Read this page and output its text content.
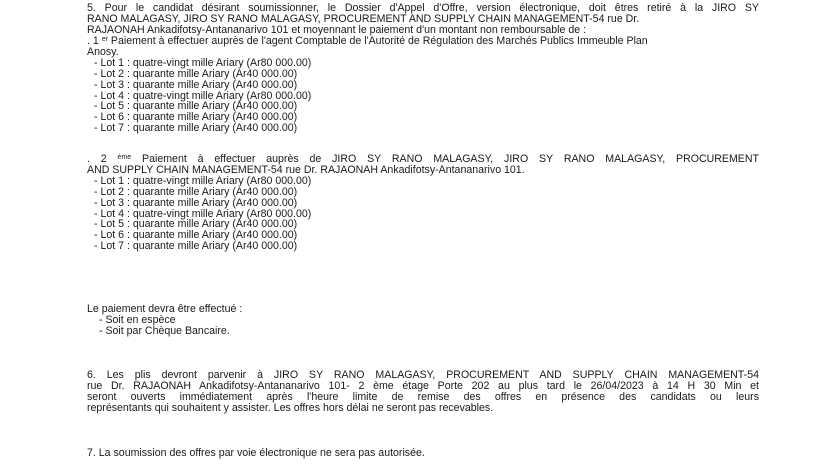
5. Pour le candidat désirant soumissionner, le Dossier d'Appel d'Offre, version électronique, doit êtres retiré à la JIRO SY
RANO MALAGASY, JIRO SY RANO MALAGASY, PROCUREMENT AND SUPPLY CHAIN MANAGEMENT-54 rue Dr.
RAJAONAH Ankadifotsy-Antananarivo 101 et moyennant le paiement d'un montant non remboursable de :
. 1 $^{er}$ Paiement à effectuer auprès de l'agent Comptable de l'Autorité de Régulation des Marchés Publics Immeuble Plan
Anosy.
- Lot 1 : quatre-vingt mille Ariary (Ar80 000.00)
- Lot 2 : quarante mille Ariary (Ar40 000.00)
- Lot 3 : quarante mille Ariary (Ar40 000.00)
- Lot 4 : quatre-vingt mille Ariary (Ar80 000.00)
- Lot 5 : quarante mille Ariary (Ar40 000.00)
- Lot 6 : quarante mille Ariary (Ar40 000.00)
- Lot 7 : quarante mille Ariary (Ar40 000.00)
. 2 $^{ème}$ Paiement à effectuer auprès de JIRO SY RANO MALAGASY, JIRO SY RANO MALAGASY, PROCUREMENT
AND SUPPLY CHAIN MANAGEMENT-54 rue Dr. RAJAONAH Ankadifotsy-Antananarivo 101.
- Lot 1 : quatre-vingt mille Ariary (Ar80 000.00)
- Lot 2 : quarante mille Ariary (Ar40 000.00)
- Lot 3 : quarante mille Ariary (Ar40 000.00)
- Lot 4 : quatre-vingt mille Ariary (Ar80 000.00)
- Lot 5 : quarante mille Ariary (Ar40 000.00)
- Lot 6 : quarante mille Ariary (Ar40 000.00)
- Lot 7 : quarante mille Ariary (Ar40 000.00)
Le paiement devra être effectué :
- Soit en espèce
- Soit par Chèque Bancaire.
6. Les plis devront parvenir à JIRO SY RANO MALAGASY, PROCUREMENT AND SUPPLY CHAIN MANAGEMENT-54
rue Dr. RAJAONAH Ankadifotsy-Antananarivo 101- 2 ème étage Porte 202 au plus tard le 26/04/2023 à 14 H 30 Min et
seront ouverts immédiatement après l'heure limite de remise des offres en présence des candidats ou leurs
représentants qui souhaitent y assister. Les offres hors délai ne seront pas recevables.
7. La soumission des offres par voie électronique ne sera pas autorisée.
